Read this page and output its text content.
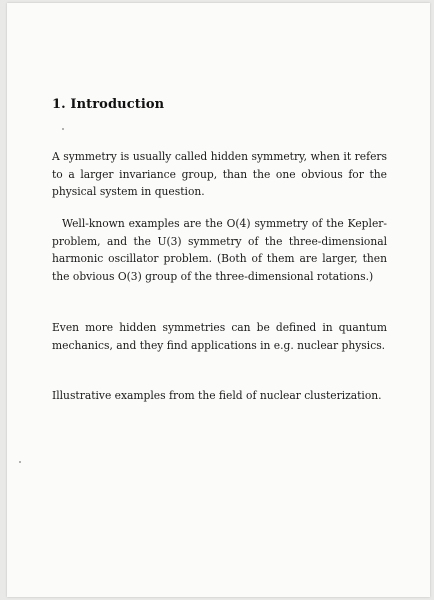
1. Introduction

A symmetry is usually called hidden symmetry, when it refers to a larger invariance group, than the one obvious for the physical system in question.

Well-known examples are the O(4) symmetry of the Kepler-problem, and the U(3) symmetry of the three-dimensional harmonic oscillator problem. (Both of them are larger, then the obvious O(3) group of the three-dimensional rotations.)

Even more hidden symmetries can be defined in quantum mechanics, and they find applications in e.g. nuclear physics.

Illustrative examples from the field of nuclear clusterization.
